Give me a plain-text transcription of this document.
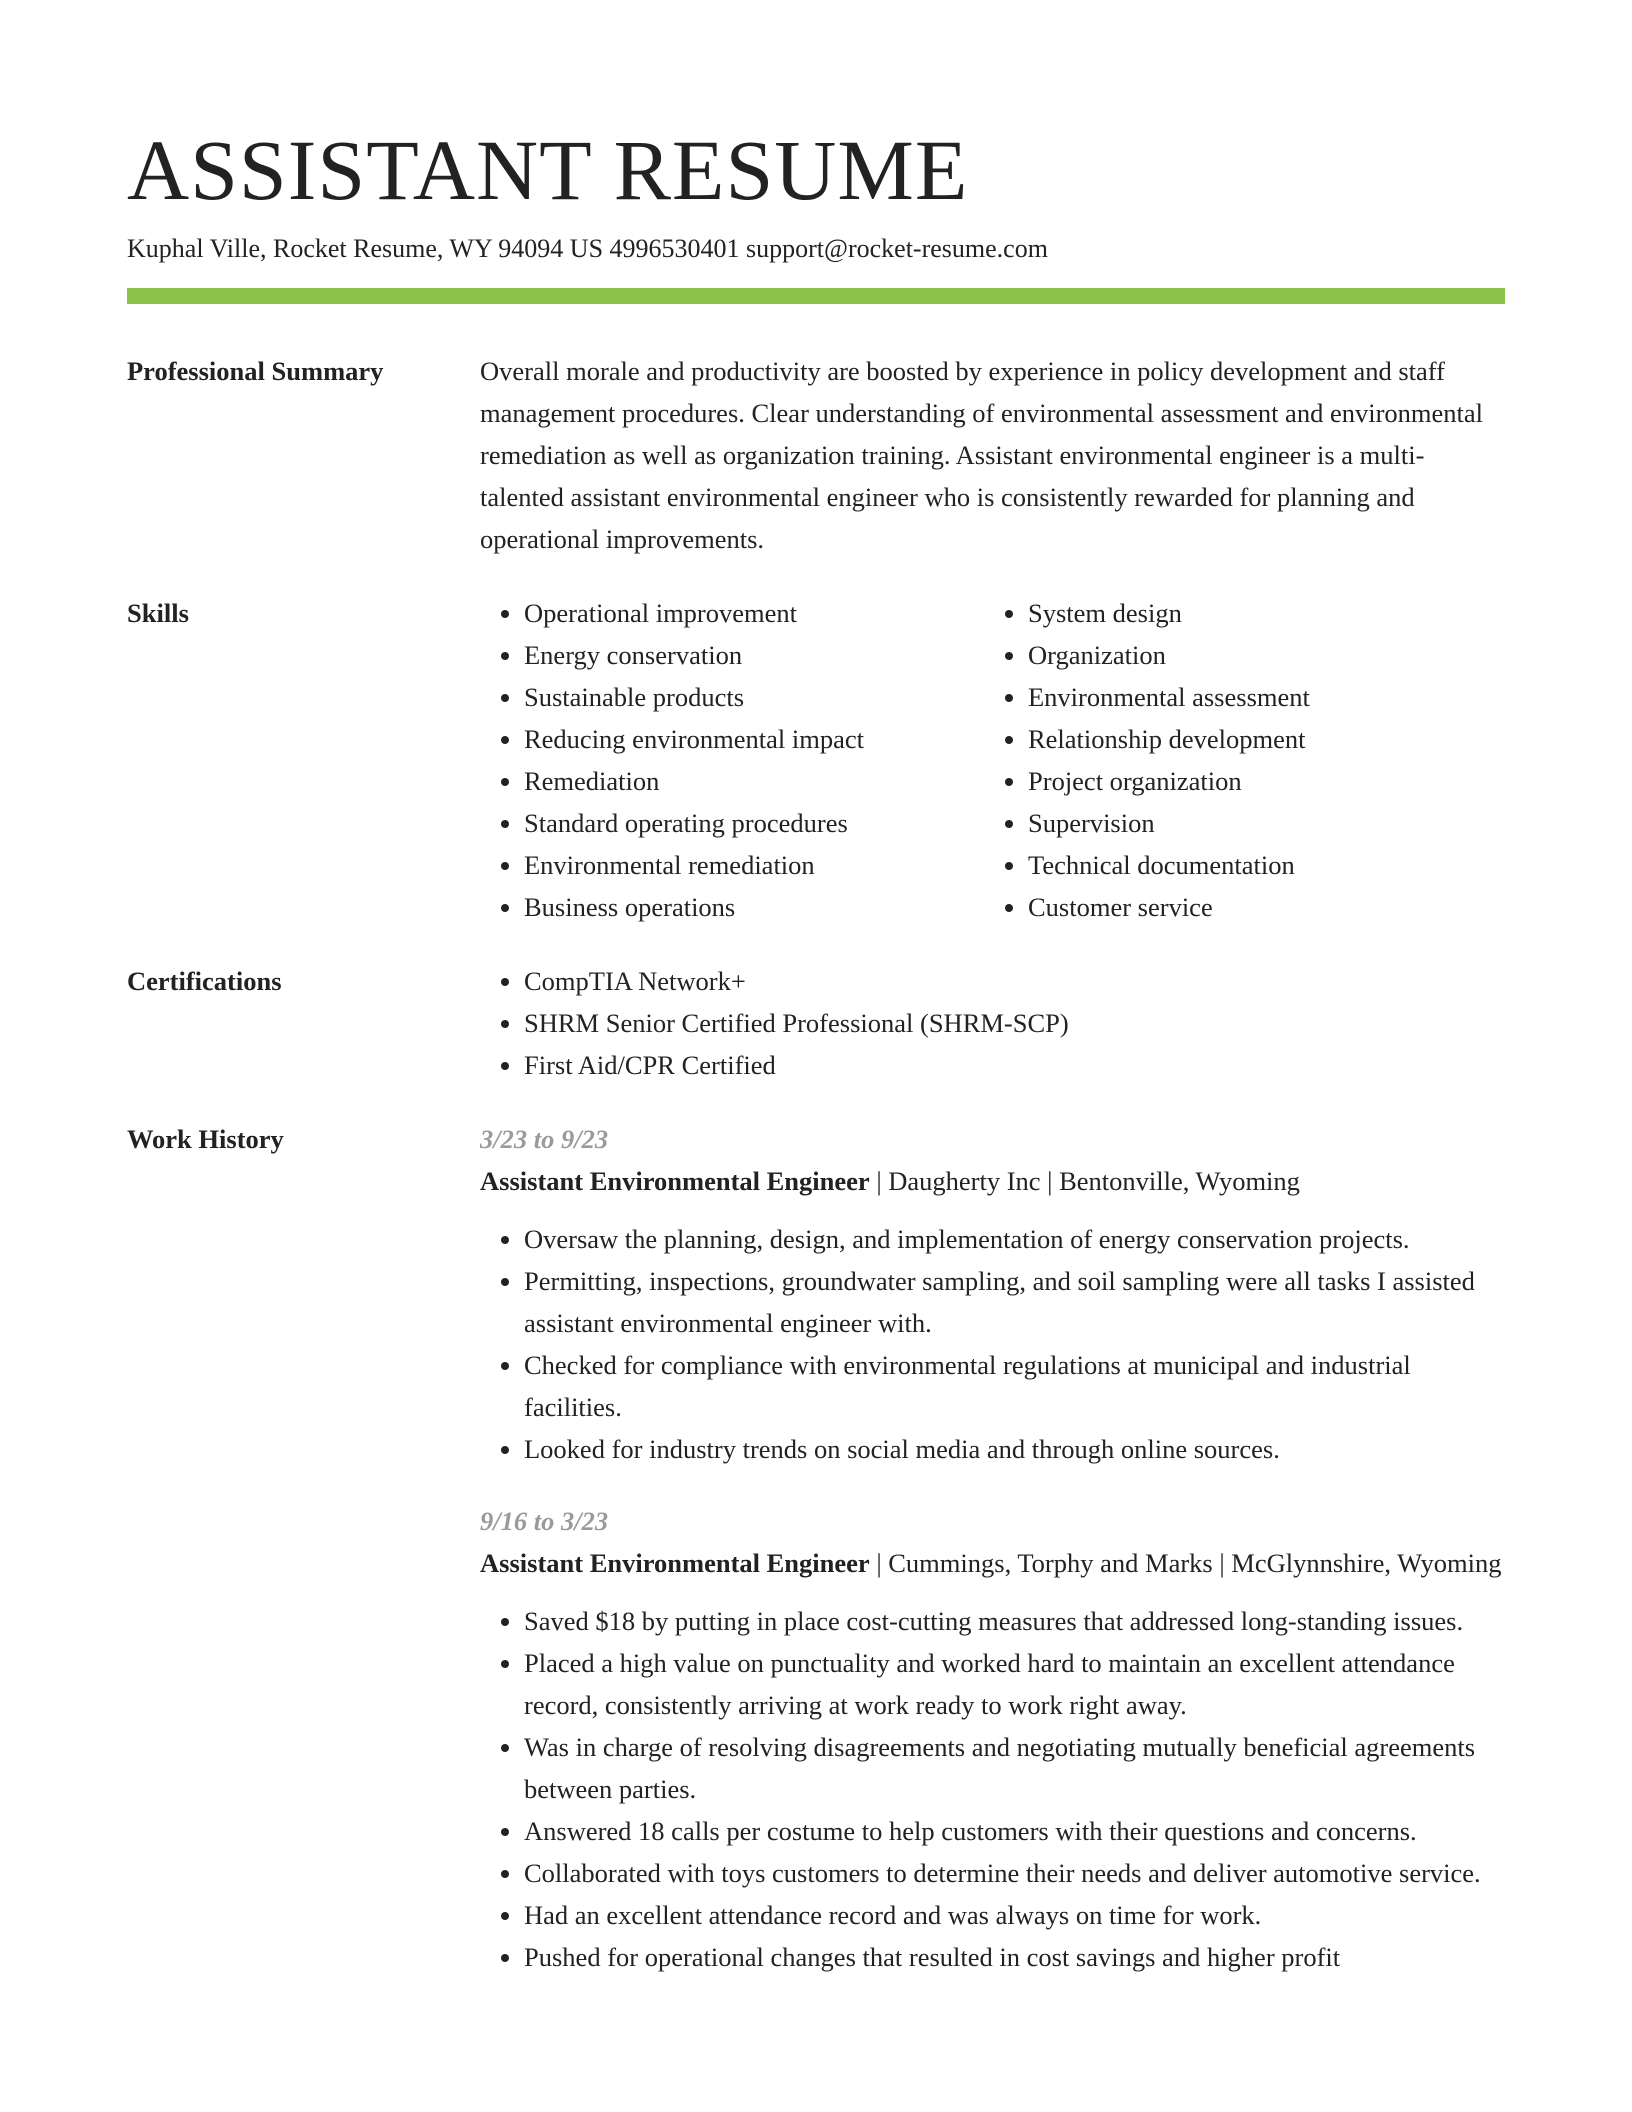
ASSISTANT RESUME
Kuphal Ville, Rocket Resume, WY 94094 US 4996530401 support@rocket-resume.com
Professional Summary	Overall morale and productivity are boosted by experience in policy development and staff management procedures. Clear understanding of environmental assessment and environmental remediation as well as organization training. Assistant environmental engineer is a multi-talented assistant environmental engineer who is consistently rewarded for planning and operational improvements.
Skills	• Operational improvement
• Energy conservation
• Sustainable products
• Reducing environmental impact
• Remediation
• Standard operating procedures
• Environmental remediation
• Business operations
• System design
• Organization
• Environmental assessment
• Relationship development
• Project organization
• Supervision
• Technical documentation
• Customer service
Certifications	• CompTIA Network+
• SHRM Senior Certified Professional (SHRM-SCP)
• First Aid/CPR Certified
Work History	3/23 to 9/23
Assistant Environmental Engineer | Daugherty Inc | Bentonville, Wyoming
• Oversaw the planning, design, and implementation of energy conservation projects.
• Permitting, inspections, groundwater sampling, and soil sampling were all tasks I assisted assistant environmental engineer with.
• Checked for compliance with environmental regulations at municipal and industrial facilities.
• Looked for industry trends on social media and through online sources.
9/16 to 3/23
Assistant Environmental Engineer | Cummings, Torphy and Marks | McGlynnshire, Wyoming
• Saved $18 by putting in place cost-cutting measures that addressed long-standing issues.
• Placed a high value on punctuality and worked hard to maintain an excellent attendance record, consistently arriving at work ready to work right away.
• Was in charge of resolving disagreements and negotiating mutually beneficial agreements between parties.
• Answered 18 calls per costume to help customers with their questions and concerns.
• Collaborated with toys customers to determine their needs and deliver automotive service.
• Had an excellent attendance record and was always on time for work.
• Pushed for operational changes that resulted in cost savings and higher profit
